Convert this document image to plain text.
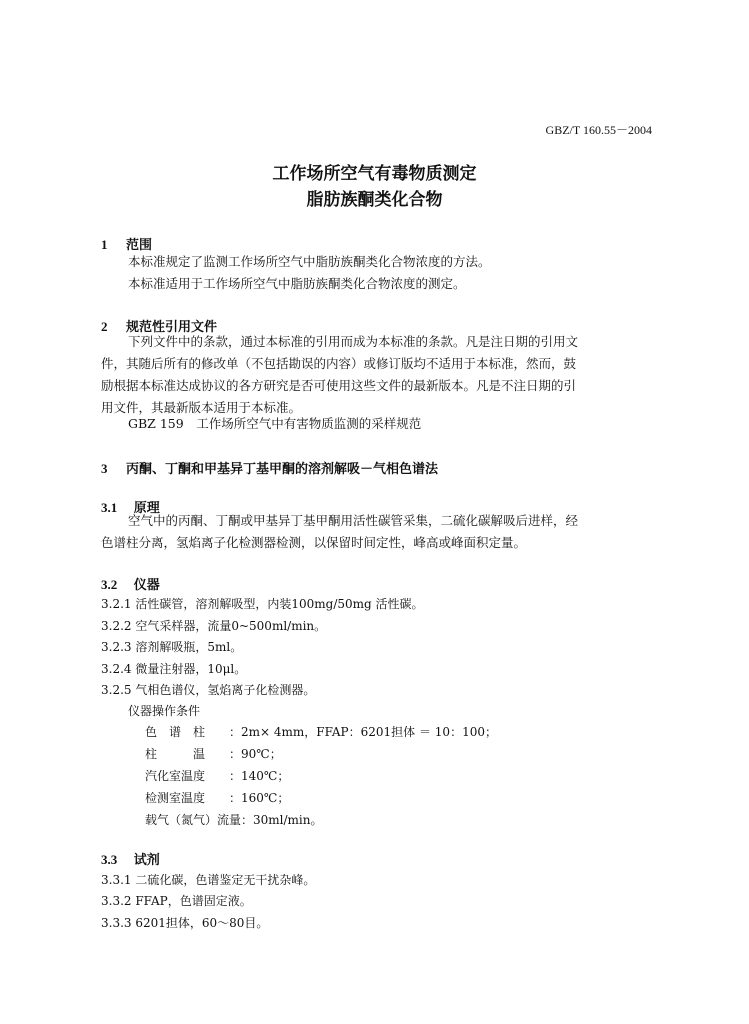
GBZ/T 160.55－2004
工作场所空气有毒物质测定
脂肪族酮类化合物
1 范围
本标准规定了监测工作场所空气中脂肪族酮类化合物浓度的方法。
本标准适用于工作场所空气中脂肪族酮类化合物浓度的测定。
2 规范性引用文件
下列文件中的条款，通过本标准的引用而成为本标准的条款。凡是注日期的引用文
件，其随后所有的修改单（不包括勘误的内容）或修订版均不适用于本标准，然而，鼓
励根据本标准达成协议的各方研究是否可使用这些文件的最新版本。凡是不注日期的引
用文件，其最新版本适用于本标准。
GBZ 159　工作场所空气中有害物质监测的采样规范
3 丙酮、丁酮和甲基异丁基甲酮的溶剂解吸－气相色谱法
3.1 原理
空气中的丙酮、丁酮或甲基异丁基甲酮用活性碳管采集，二硫化碳解吸后进样，经
色谱柱分离，氢焰离子化检测器检测，以保留时间定性，峰高或峰面积定量。
3.2 仪器
3.2.1 活性碳管，溶剂解吸型，内装100mg/50mg 活性碳。
3.2.2 空气采样器，流量0~500ml/min。
3.2.3 溶剂解吸瓶，5ml。
3.2.4 微量注射器，10μl。
3.2.5 气相色谱仪，氢焰离子化检测器。
仪器操作条件
色　谱　柱 ：2m× 4mm，FFAP：6201担体 ＝ 10：100；
柱　　　温 ：90℃；
汽化室温度 ：140℃；
检测室温度 ：160℃；
载气（氮气）流量：30ml/min。
3.3 试剂
3.3.1 二硫化碳，色谱鉴定无干扰杂峰。
3.3.2 FFAP，色谱固定液。
3.3.3 6201担体，60～80目。
